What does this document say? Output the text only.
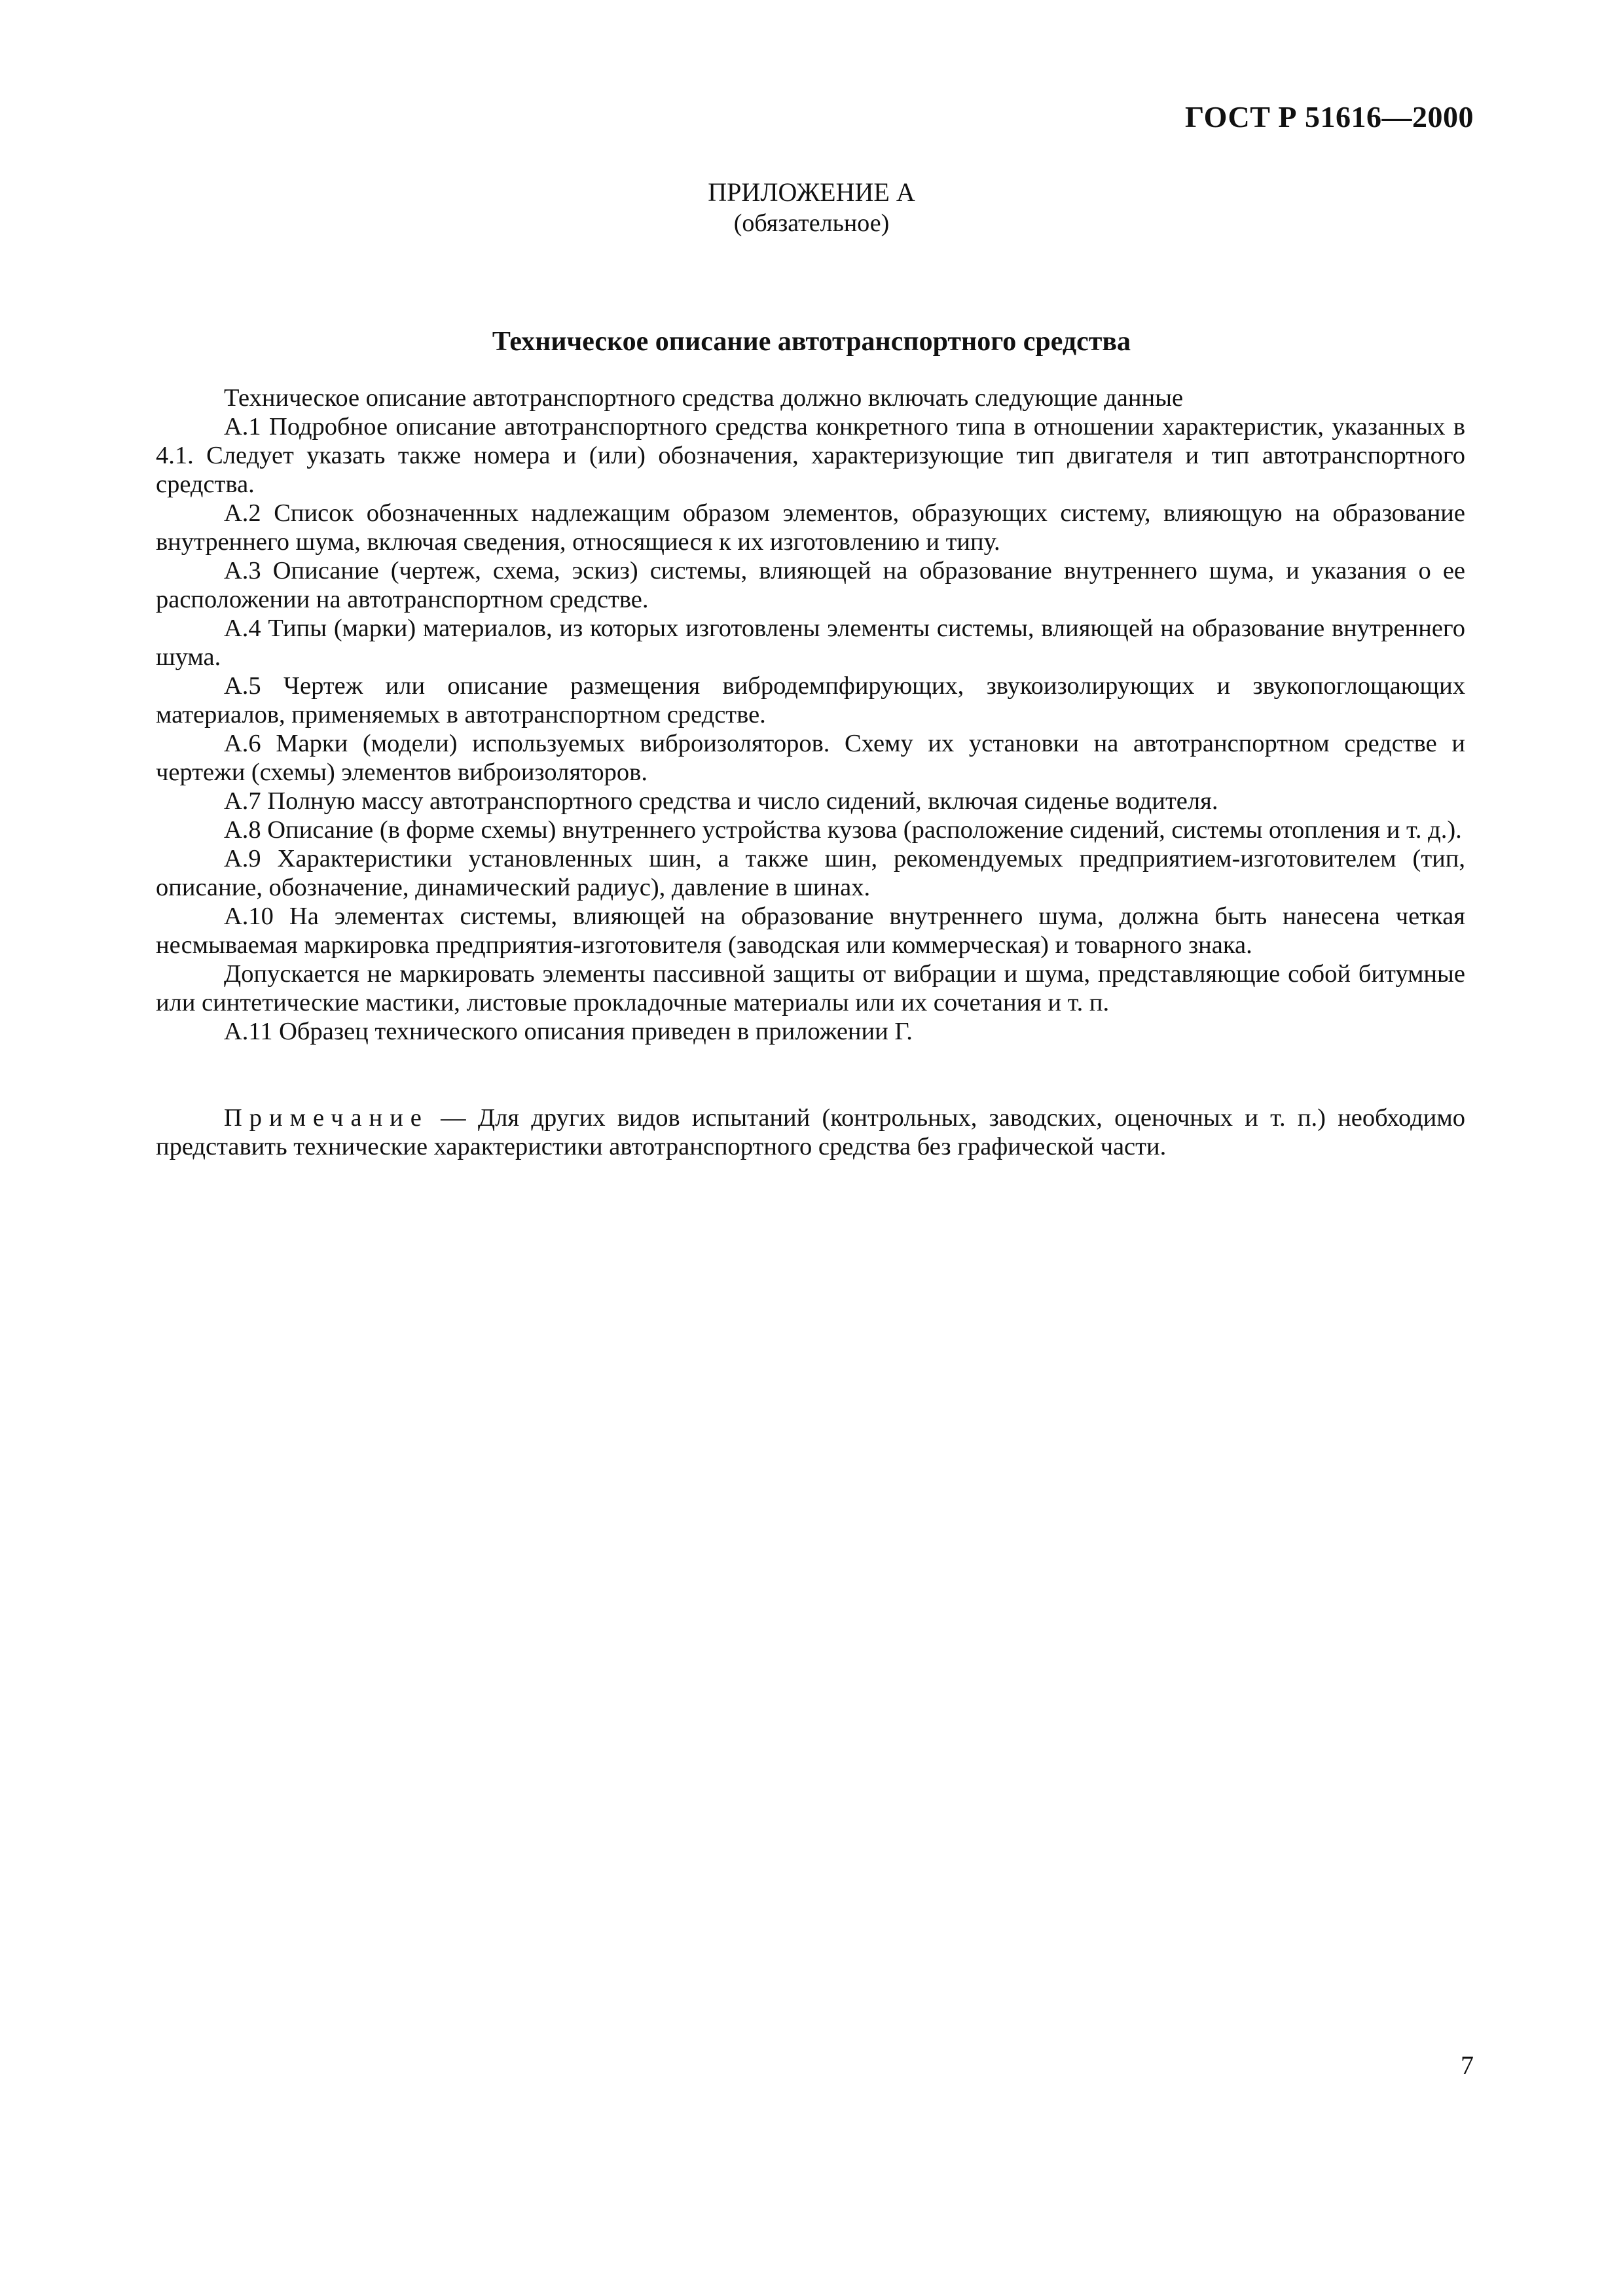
ГОСТ Р 51616—2000
ПРИЛОЖЕНИЕ А
(обязательное)
Техническое описание автотранспортного средства

Техническое описание автотранспортного средства должно включать следующие данные

А.1 Подробное описание автотранспортного средства конкретного типа в отношении характеристик, указанных в 4.1. Следует указать также номера и (или) обозначения, характеризующие тип двигателя и тип автотранспортного средства.

А.2 Список обозначенных надлежащим образом элементов, образующих систему, влияющую на образование внутреннего шума, включая сведения, относящиеся к их изготовлению и типу.

А.3 Описание (чертеж, схема, эскиз) системы, влияющей на образование внутреннего шума, и указания о ее расположении на автотранспортном средстве.

А.4 Типы (марки) материалов, из которых изготовлены элементы системы, влияющей на образование внутреннего шума.

А.5 Чертеж или описание размещения вибродемпфирующих, звукоизолирующих и звукопоглощающих материалов, применяемых в автотранспортном средстве.

А.6 Марки (модели) используемых виброизоляторов. Схему их установки на автотранспортном средстве и чертежи (схемы) элементов виброизоляторов.

А.7 Полную массу автотранспортного средства и число сидений, включая сиденье водителя.

А.8 Описание (в форме схемы) внутреннего устройства кузова (расположение сидений, системы отопления и т. д.).

А.9 Характеристики установленных шин, а также шин, рекомендуемых предприятием-изготовителем (тип, описание, обозначение, динамический радиус), давление в шинах.

А.10 На элементах системы, влияющей на образование внутреннего шума, должна быть нанесена четкая несмываемая маркировка предприятия-изготовителя (заводская или коммерческая) и товарного знака.

Допускается не маркировать элементы пассивной защиты от вибрации и шума, представляющие собой битумные или синтетические мастики, листовые прокладочные материалы или их сочетания и т. п.

А.11 Образец технического описания приведен в приложении Г.

Примечание — Для других видов испытаний (контрольных, заводских, оценочных и т. п.) необходимо представить технические характеристики автотранспортного средства без графической части.

7
